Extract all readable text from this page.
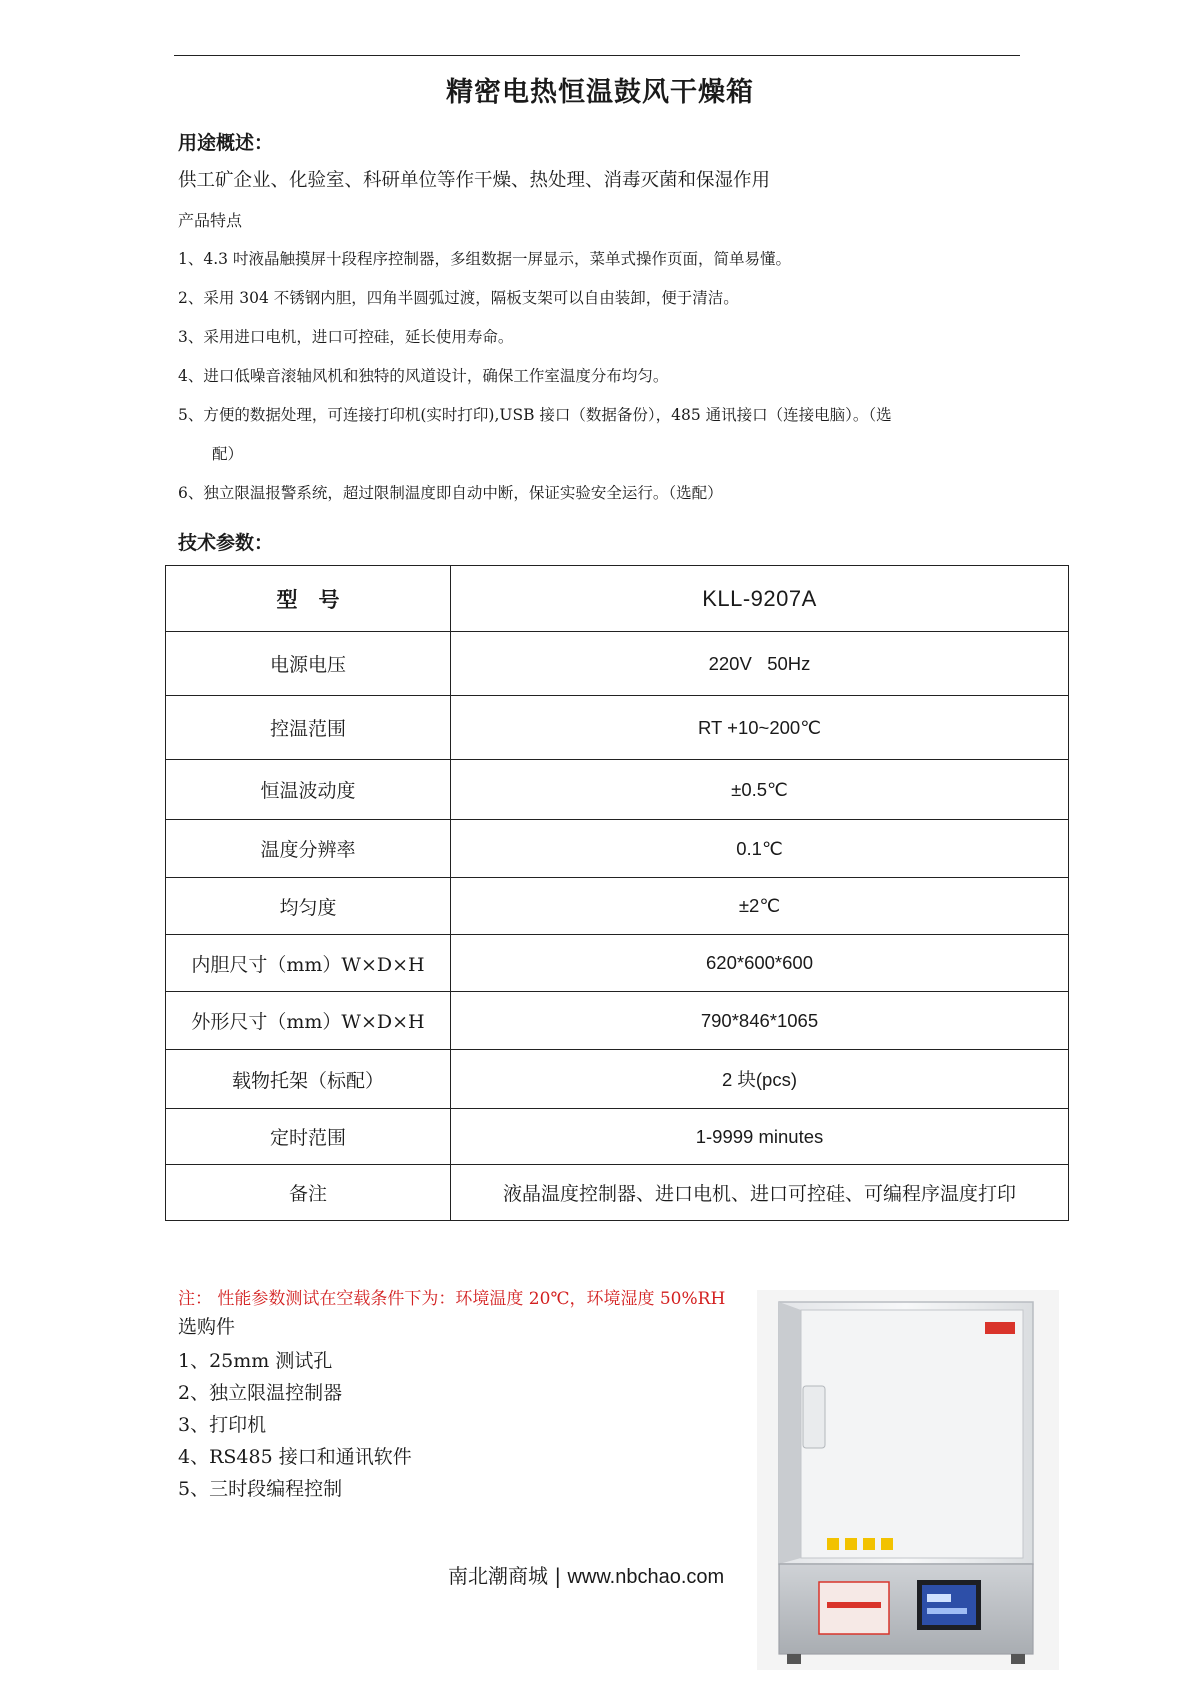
精密电热恒温鼓风干燥箱
用途概述：
供工矿企业、化验室、科研单位等作干燥、热处理、消毒灭菌和保湿作用
产品特点
1、4.3 吋液晶触摸屏十段程序控制器，多组数据一屏显示，菜单式操作页面，简单易懂。
2、采用 304 不锈钢内胆，四角半圆弧过渡，隔板支架可以自由装卸，便于清洁。
3、采用进口电机，进口可控硅，延长使用寿命。
4、进口低噪音滚轴风机和独特的风道设计，确保工作室温度分布均匀。
5、方便的数据处理，可连接打印机(实时打印),USB 接口（数据备份），485 通讯接口（连接电脑）。（选
配）
6、独立限温报警系统，超过限制温度即自动中断，保证实验安全运行。（选配）
技术参数：
型　号	KLL-9207A
电源电压	220V   50Hz
控温范围	RT +10~200℃
恒温波动度	±0.5℃
温度分辨率	0.1℃
均匀度	±2℃
内胆尺寸（mm）W×D×H	620*600*600
外形尺寸（mm）W×D×H	790*846*1065
载物托架（标配）	2 块(pcs)
定时范围	1-9999 minutes
备注	液晶温度控制器、进口电机、进口可控硅、可编程序温度打印
注： 性能参数测试在空载条件下为：环境温度 20℃，环境湿度 50%RH
选购件
1、25mm 测试孔
2、独立限温控制器
3、打印机
4、RS485 接口和通讯软件
5、三时段编程控制
南北潮商城 | www.nbchao.com
